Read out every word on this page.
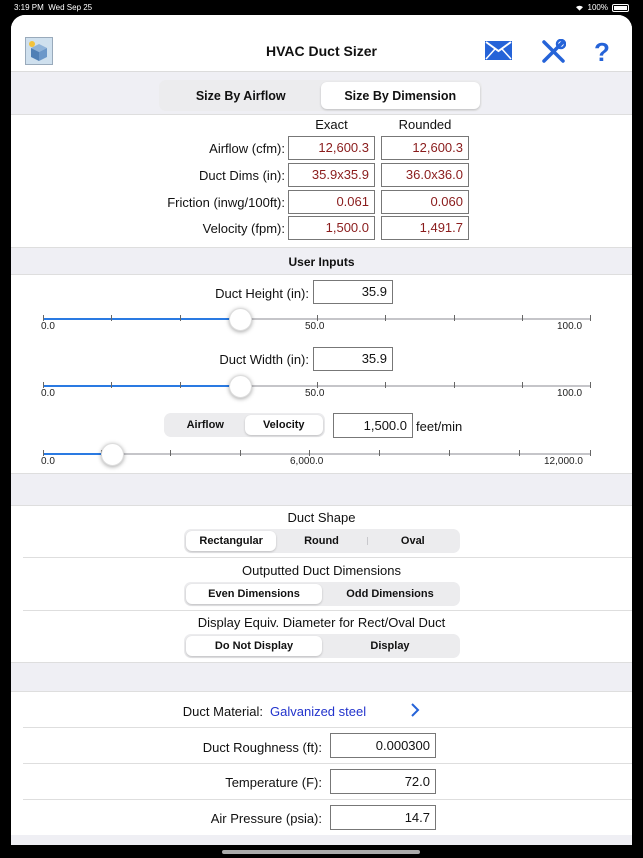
3:19 PM Wed Sep 25	100%
HVAC Duct Sizer	?
Size By Airflow	Size By Dimension
Exact	Rounded
Airflow (cfm):	12,600.3	12,600.3
Duct Dims (in):	35.9x35.9	36.0x36.0
Friction (inwg/100ft):	0.061	0.060
Velocity (fpm):	1,500.0	1,491.7
User Inputs
Duct Height (in):	35.9
0.0	50.0	100.0
Duct Width (in):	35.9
0.0	50.0	100.0
Airflow	Velocity	1,500.0 feet/min
0.0	6,000.0	12,000.0
Duct Shape
Rectangular	Round	Oval
Outputted Duct Dimensions
Even Dimensions	Odd Dimensions
Display Equiv. Diameter for Rect/Oval Duct
Do Not Display	Display
Duct Material: Galvanized steel
Duct Roughness (ft):	0.000300
Temperature (F):	72.0
Air Pressure (psia):	14.7
